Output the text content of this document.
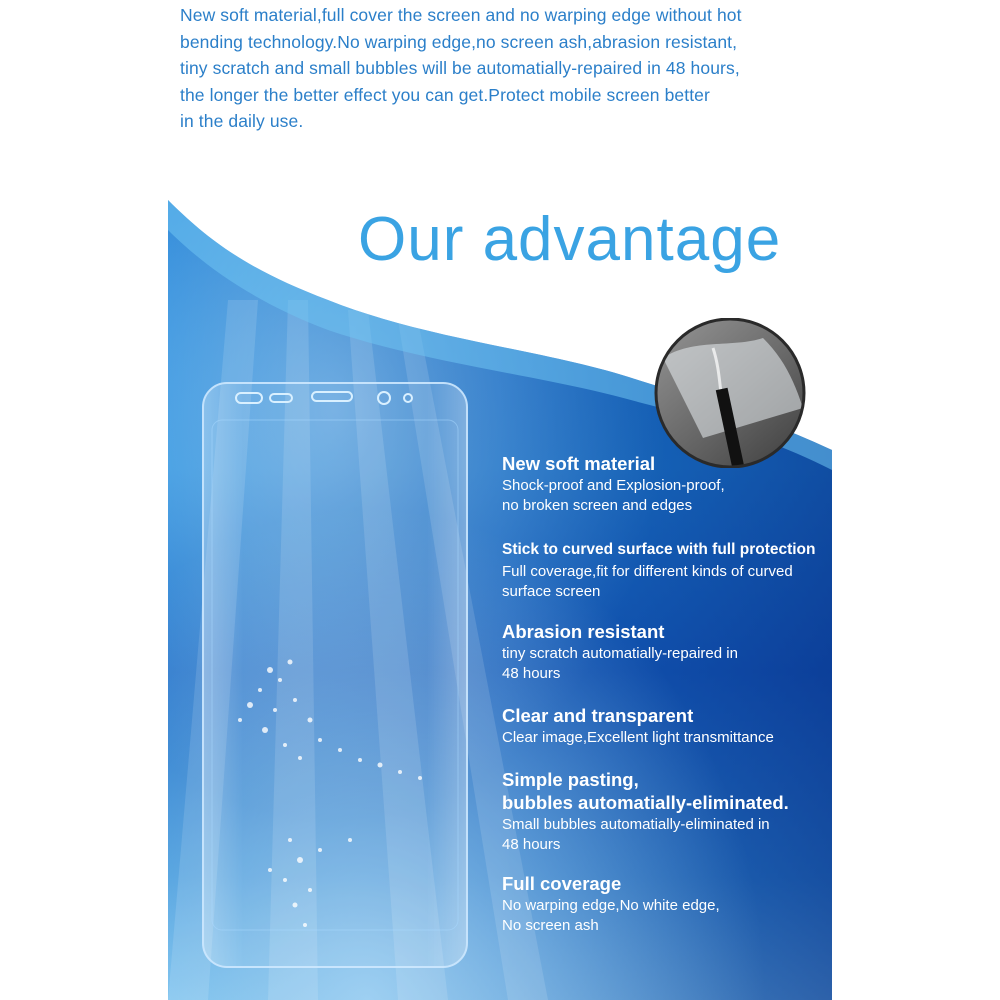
New soft material,full cover the screen and no warping edge without hot
bending technology.No warping edge,no screen ash,abrasion resistant,
tiny scratch and small bubbles will be automatially-repaired in 48 hours,
the longer the better effect you can get.Protect mobile screen better
in the daily use.
Our advantage
New soft material
Shock-proof and Explosion-proof,
no broken screen and edges
Stick to curved surface with full protection
Full coverage,fit for different kinds of curved
surface screen
Abrasion resistant
tiny scratch automatially-repaired in
48 hours
Clear and transparent
Clear image,Excellent light transmittance
Simple pasting,
bubbles automatially-eliminated.
Small bubbles automatially-eliminated in
48 hours
Full coverage
No warping edge,No white edge,
No screen ash
